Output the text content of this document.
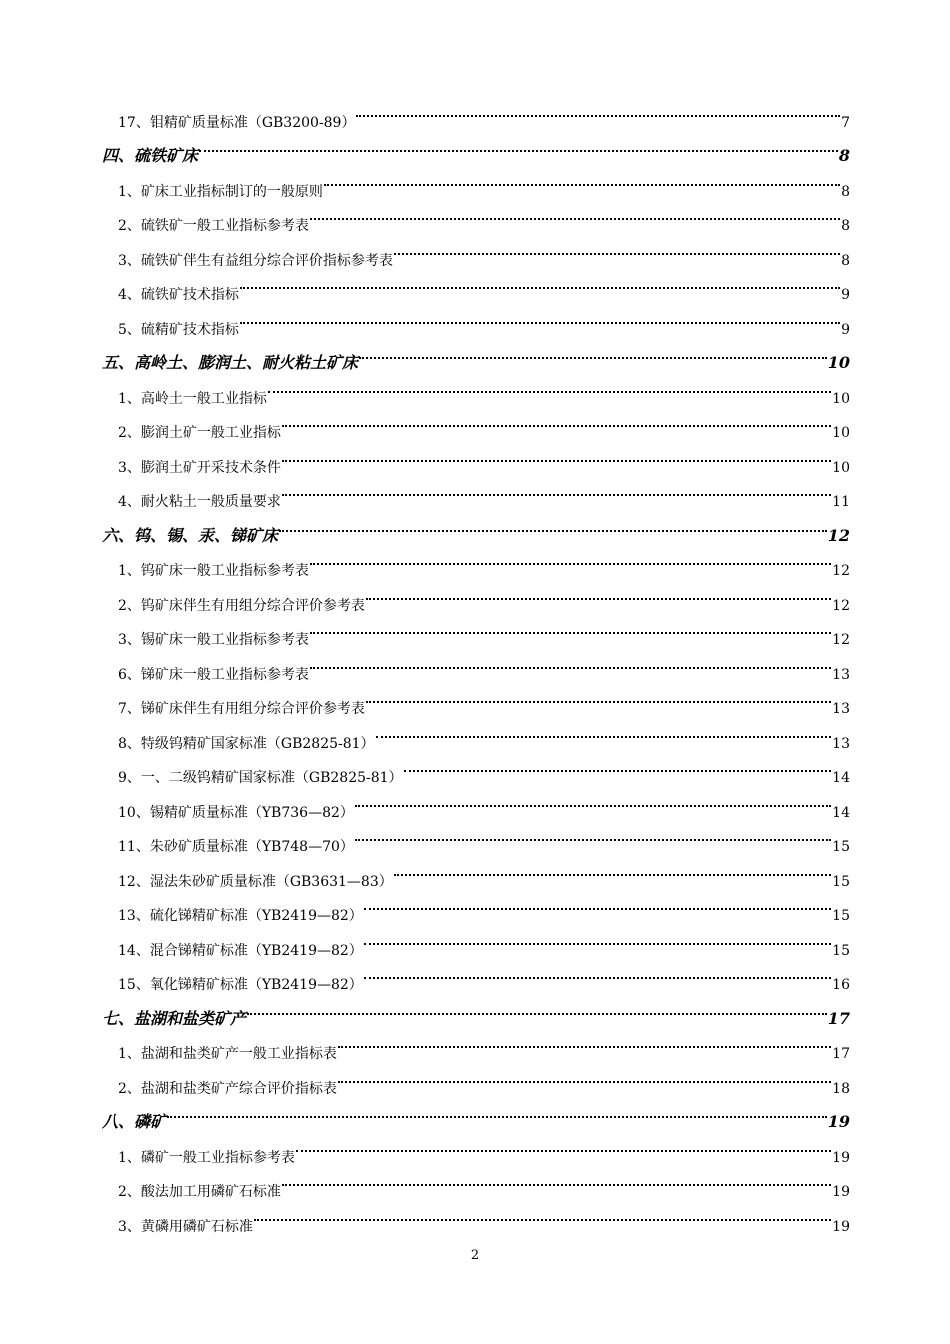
17、钼精矿质量标准（GB3200-89）	7
四、硫铁矿床	8
1、矿床工业指标制订的一般原则	8
2、硫铁矿一般工业指标参考表	8
3、硫铁矿伴生有益组分综合评价指标参考表	8
4、硫铁矿技术指标	9
5、硫精矿技术指标	9
五、高岭土、膨润土、耐火粘土矿床	10
1、高岭土一般工业指标	10
2、膨润土矿一般工业指标	10
3、膨润土矿开采技术条件	10
4、耐火粘土一般质量要求	11
六、钨、锡、汞、锑矿床	12
1、钨矿床一般工业指标参考表	12
2、钨矿床伴生有用组分综合评价参考表	12
3、锡矿床一般工业指标参考表	12
6、锑矿床一般工业指标参考表	13
7、锑矿床伴生有用组分综合评价参考表	13
8、特级钨精矿国家标准（GB2825-81）	13
9、一、二级钨精矿国家标准（GB2825-81）	14
10、锡精矿质量标准（YB736—82）	14
11、朱砂矿质量标准（YB748—70）	15
12、湿法朱砂矿质量标准（GB3631—83）	15
13、硫化锑精矿标准（YB2419—82）	15
14、混合锑精矿标准（YB2419—82）	15
15、氧化锑精矿标准（YB2419—82）	16
七、盐湖和盐类矿产	17
1、盐湖和盐类矿产一般工业指标表	17
2、盐湖和盐类矿产综合评价指标表	18
八、磷矿	19
1、磷矿一般工业指标参考表	19
2、酸法加工用磷矿石标准	19
3、黄磷用磷矿石标准	19
2
